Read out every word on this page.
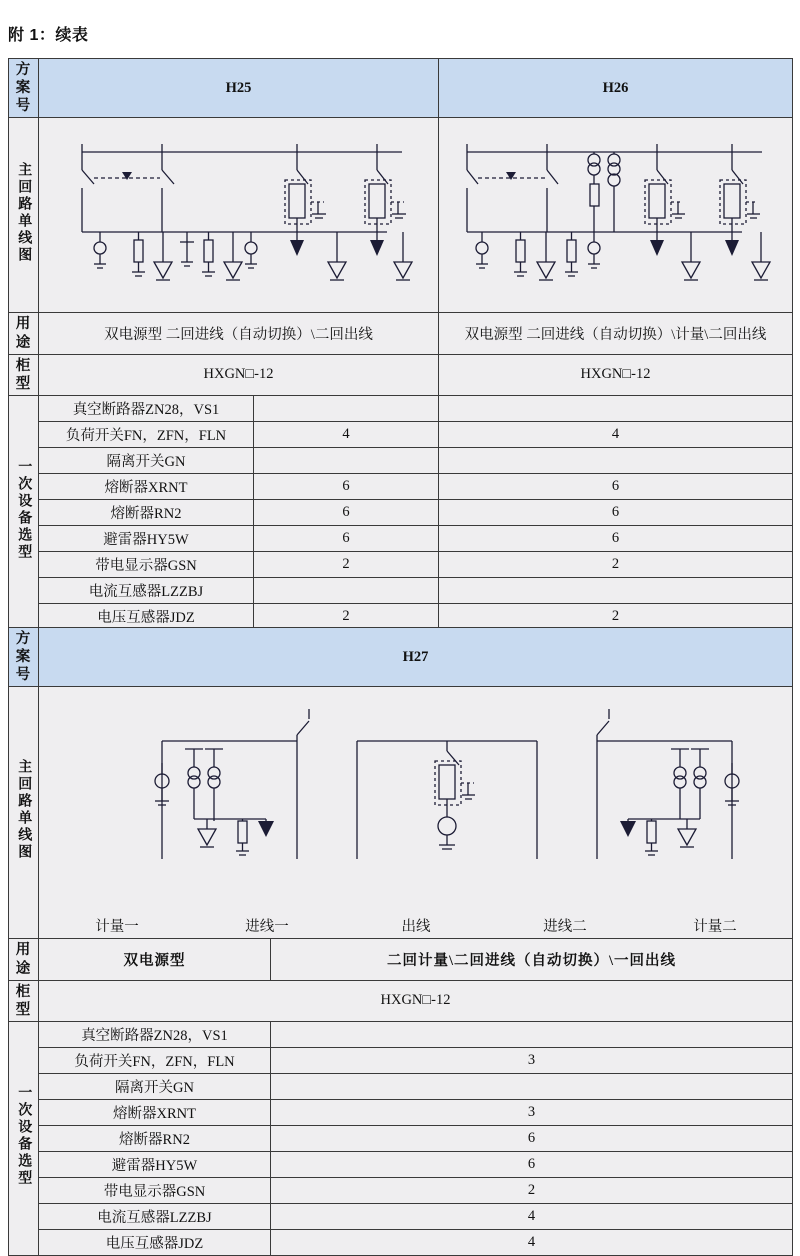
附 1：续表
方案号	H25		H26
主回路单线图	

用途	双电源型 二回进线（自动切换）\二回出线		双电源型 二回进线（自动切换）\计量\二回出线
柜型	HXGN□-12		HXGN□-12
一次设备选型	真空断路器ZN28，VS1		
	负荷开关FN，ZFN，FLN	4	4
	隔离开关GN		
	熔断器XRNT	6	6
	熔断器RN2	6	6
	避雷器HY5W	6	6
	带电显示器GSN	2	2
	电流互感器LZZBJ		
	电压互感器JDZ	2	2
方案号	H27	
主回路单线图	计量一 进线一 出线 进线二 计量二	

用途	双电源型	二回计量\二回进线（自动切换）\一回出线
柜型	HXGN□-12	
一次设备选型	真空断路器ZN28，VS1	
	负荷开关FN，ZFN，FLN	3
	隔离开关GN	
	熔断器XRNT	3
	熔断器RN2	6
	避雷器HY5W	6
	带电显示器GSN	2
	电流互感器LZZBJ	4
	电压互感器JDZ	4
